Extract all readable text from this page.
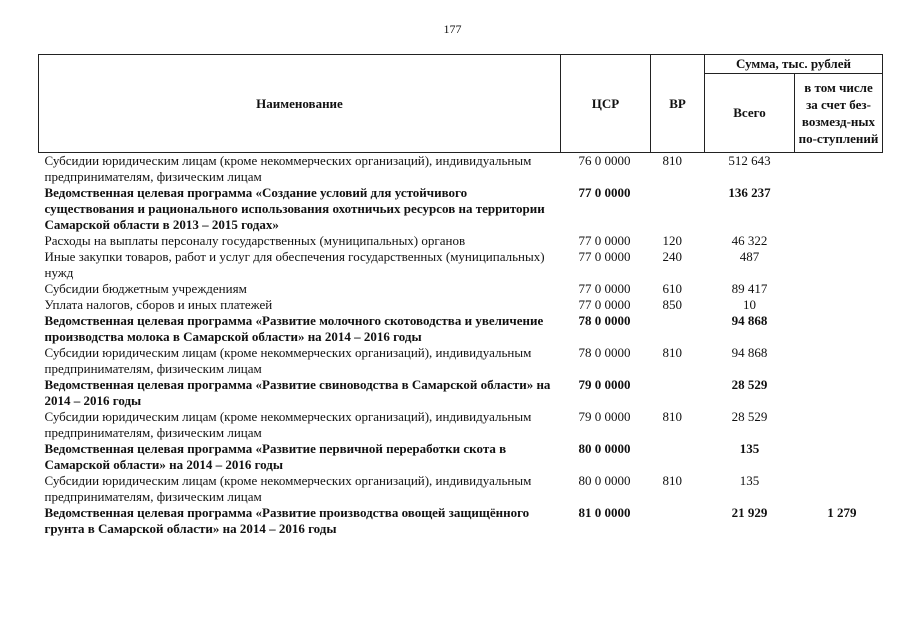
177
Наименование	ЦСР	ВР	Сумма, тыс. рублей	
			Всего	в том числе за счет без-возмезд-ных по-ступлений
Субсидии юридическим лицам (кроме некоммерческих организаций), индивидуальным предпринимателям, физическим лицам	76 0 0000	810	512 643	
Ведомственная целевая программа «Создание условий для устойчивого существования и рационального использования охотничьих ресурсов на территории Самарской области в 2013 – 2015 годах»	77 0 0000		136 237	
Расходы на выплаты персоналу государственных (муниципальных) органов	77 0 0000	120	46 322	
Иные закупки товаров, работ и услуг для обеспечения государственных (муниципальных) нужд	77 0 0000	240	487	
Субсидии бюджетным учреждениям	77 0 0000	610	89 417	
Уплата налогов, сборов и иных платежей	77 0 0000	850	10	
Ведомственная целевая программа «Развитие молочного скотоводства и увеличение производства молока в Самарской области» на 2014 – 2016 годы	78 0 0000		94 868	
Субсидии юридическим лицам (кроме некоммерческих организаций), индивидуальным предпринимателям, физическим лицам	78 0 0000	810	94 868	
Ведомственная целевая программа «Развитие свиноводства в Самарской области» на 2014 – 2016 годы	79 0 0000		28 529	
Субсидии юридическим лицам (кроме некоммерческих организаций), индивидуальным предпринимателям, физическим лицам	79 0 0000	810	28 529	
Ведомственная целевая программа «Развитие первичной переработки скота в Самарской области» на 2014 – 2016 годы	80 0 0000		135	
Субсидии юридическим лицам (кроме некоммерческих организаций), индивидуальным предпринимателям, физическим лицам	80 0 0000	810	135	
Ведомственная целевая программа «Развитие производства овощей защищённого грунта в Самарской области» на 2014 – 2016 годы	81 0 0000		21 929	1 279
